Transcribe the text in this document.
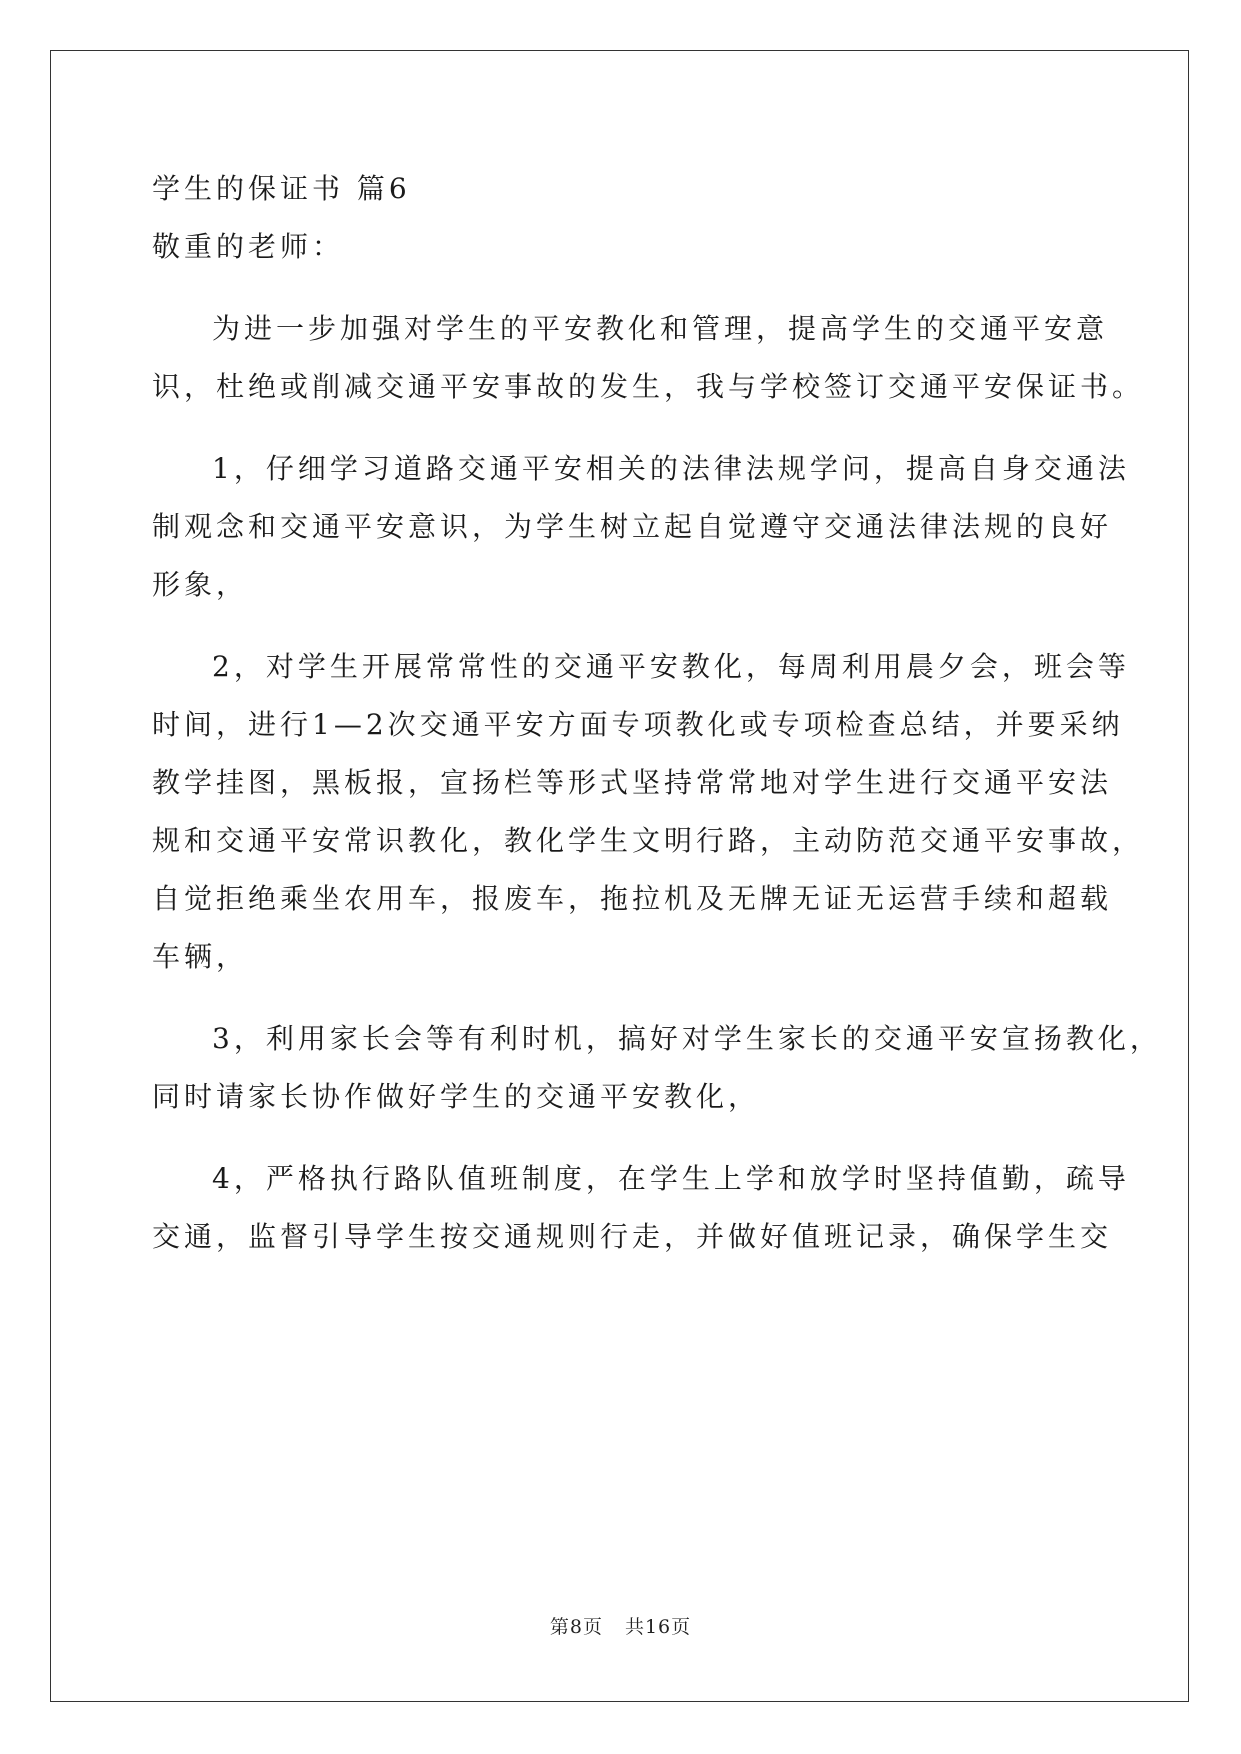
学生的保证书 篇6

敬重的老师：

为进一步加强对学生的平安教化和管理，提高学生的交通平安意

识，杜绝或削减交通平安事故的发生，我与学校签订交通平安保证书。

1，仔细学习道路交通平安相关的法律法规学问，提高自身交通法

制观念和交通平安意识，为学生树立起自觉遵守交通法律法规的良好

形象，

2，对学生开展常常性的交通平安教化，每周利用晨夕会，班会等

时间，进行1—2次交通平安方面专项教化或专项检查总结，并要采纳

教学挂图，黑板报，宣扬栏等形式坚持常常地对学生进行交通平安法

规和交通平安常识教化，教化学生文明行路，主动防范交通平安事故，

自觉拒绝乘坐农用车，报废车，拖拉机及无牌无证无运营手续和超载

车辆，

3，利用家长会等有利时机，搞好对学生家长的交通平安宣扬教化，

同时请家长协作做好学生的交通平安教化，

4，严格执行路队值班制度，在学生上学和放学时坚持值勤，疏导

交通，监督引导学生按交通规则行走，并做好值班记录，确保学生交

第8页 共16页
